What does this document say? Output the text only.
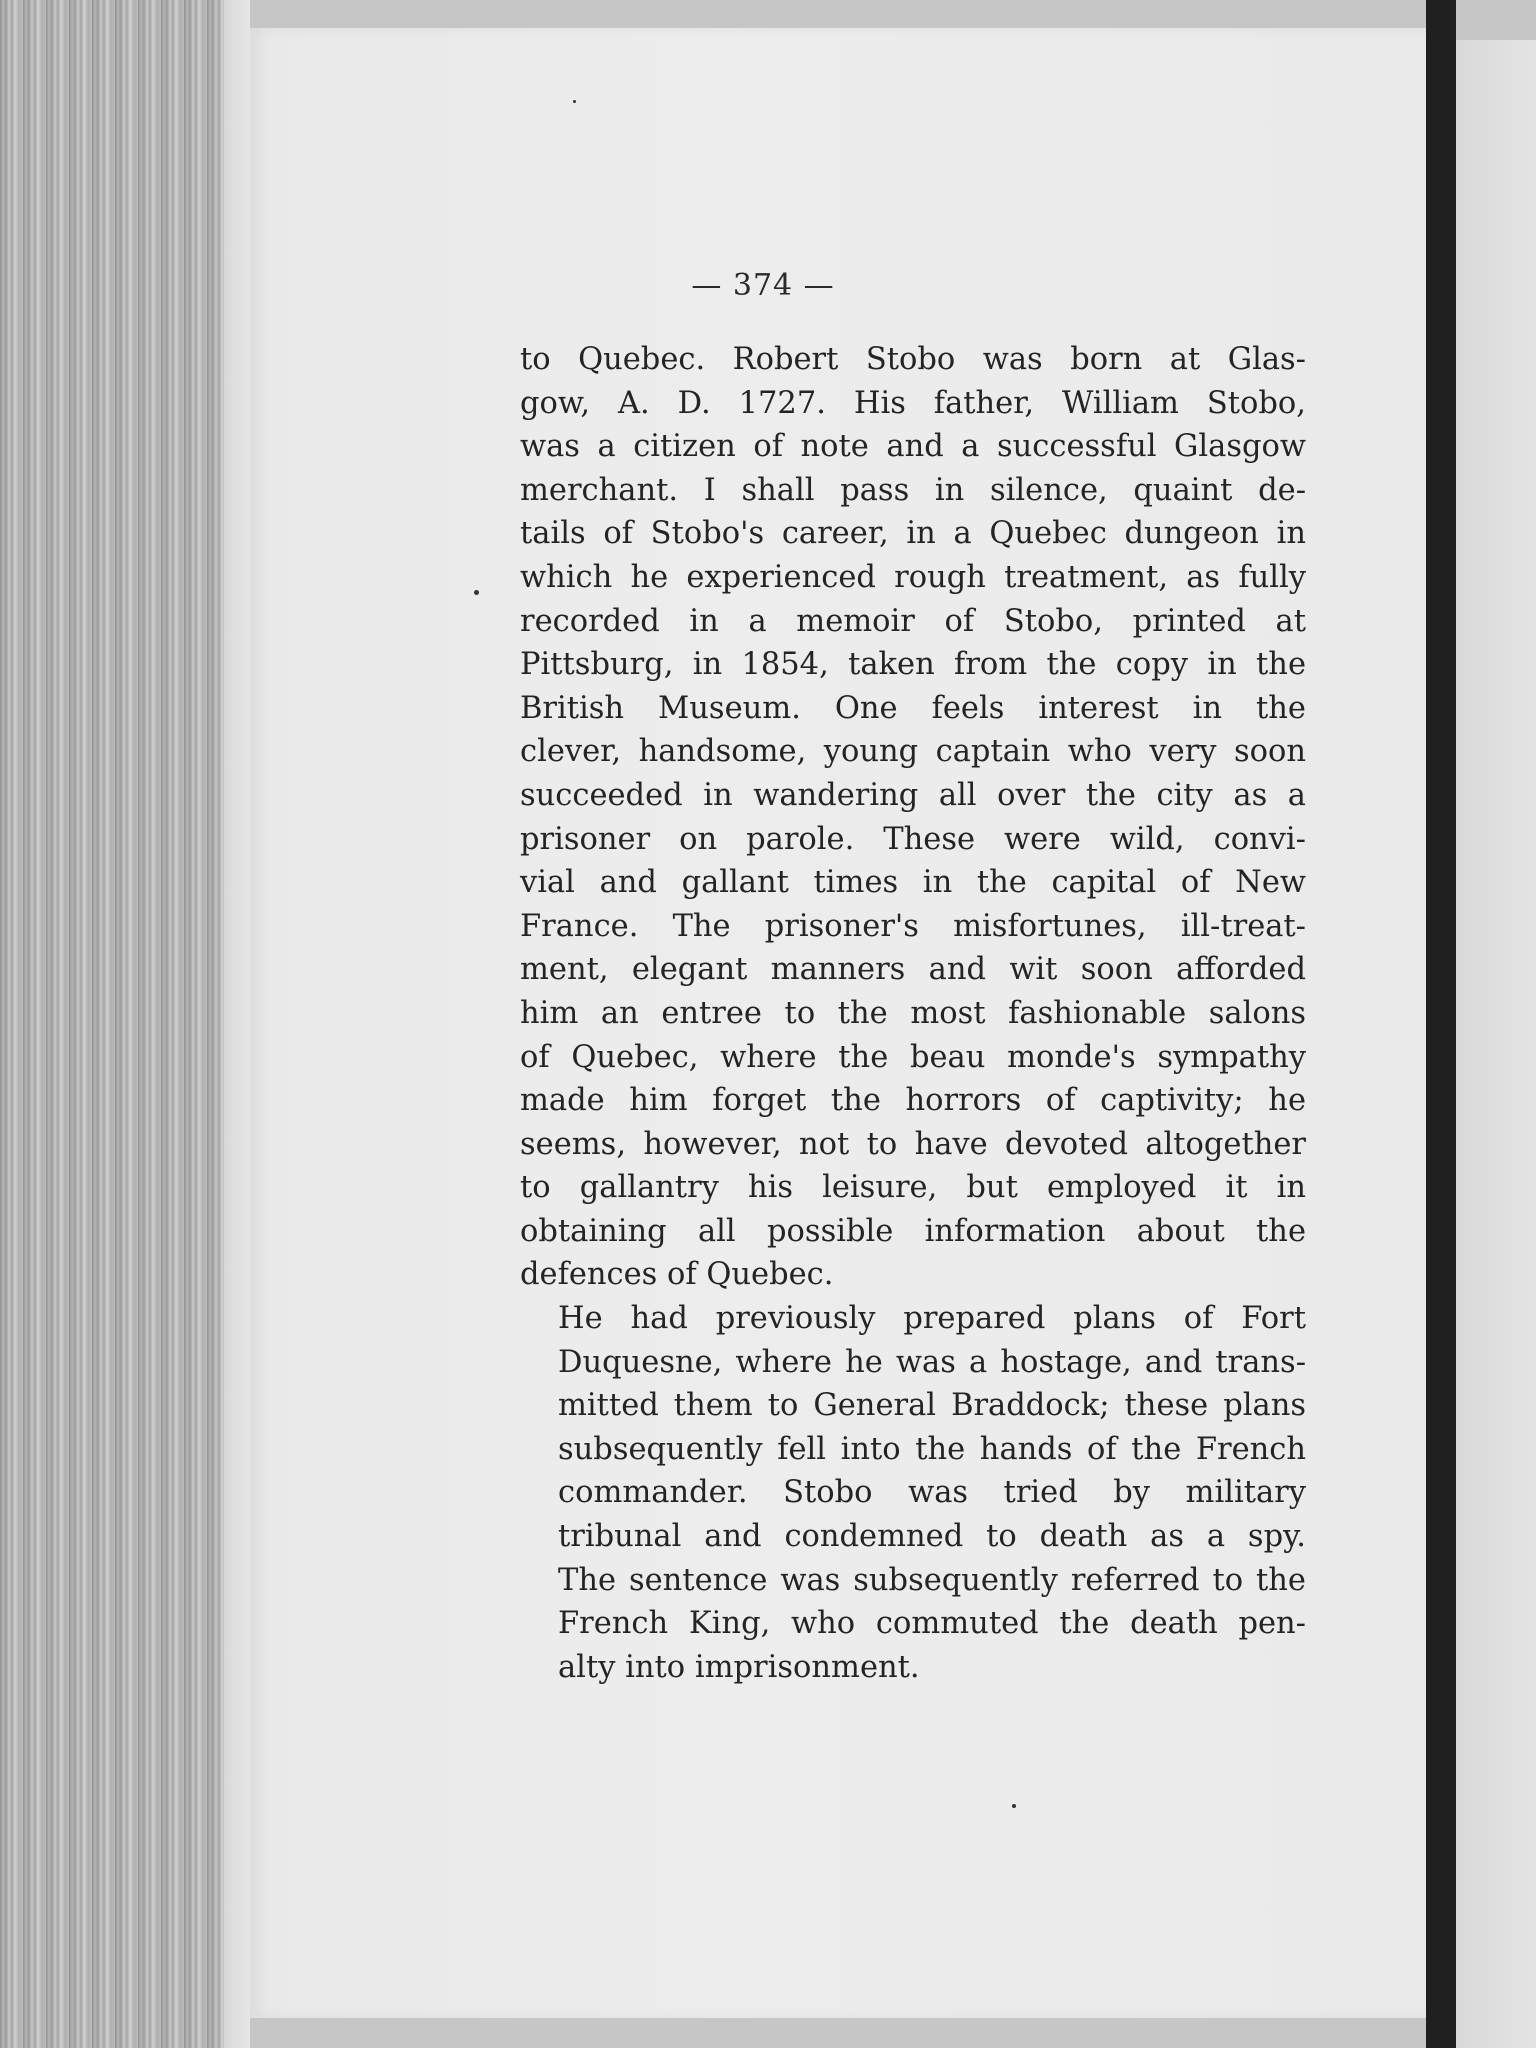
— 374 —

to Quebec. Robert Stobo was born at Glas-
gow, A. D. 1727. His father, William Stobo,
was a citizen of note and a successful Glasgow
merchant. I shall pass in silence, quaint de-
tails of Stobo's career, in a Quebec dungeon in
which he experienced rough treatment, as fully
recorded in a memoir of Stobo, printed at
Pittsburg, in 1854, taken from the copy in the
British Museum. One feels interest in the
clever, handsome, young captain who very soon
succeeded in wandering all over the city as a
prisoner on parole. These were wild, convi-
vial and gallant times in the capital of New
France. The prisoner's misfortunes, ill-treat-
ment, elegant manners and wit soon afforded
him an entree to the most fashionable salons
of Quebec, where the beau monde's sympathy
made him forget the horrors of captivity; he
seems, however, not to have devoted altogether
to gallantry his leisure, but employed it in
obtaining all possible information about the
defences of Quebec.

He had previously prepared plans of Fort
Duquesne, where he was a hostage, and trans-
mitted them to General Braddock; these plans
subsequently fell into the hands of the French
commander. Stobo was tried by military
tribunal and condemned to death as a spy.
The sentence was subsequently referred to the
French King, who commuted the death pen-
alty into imprisonment.
